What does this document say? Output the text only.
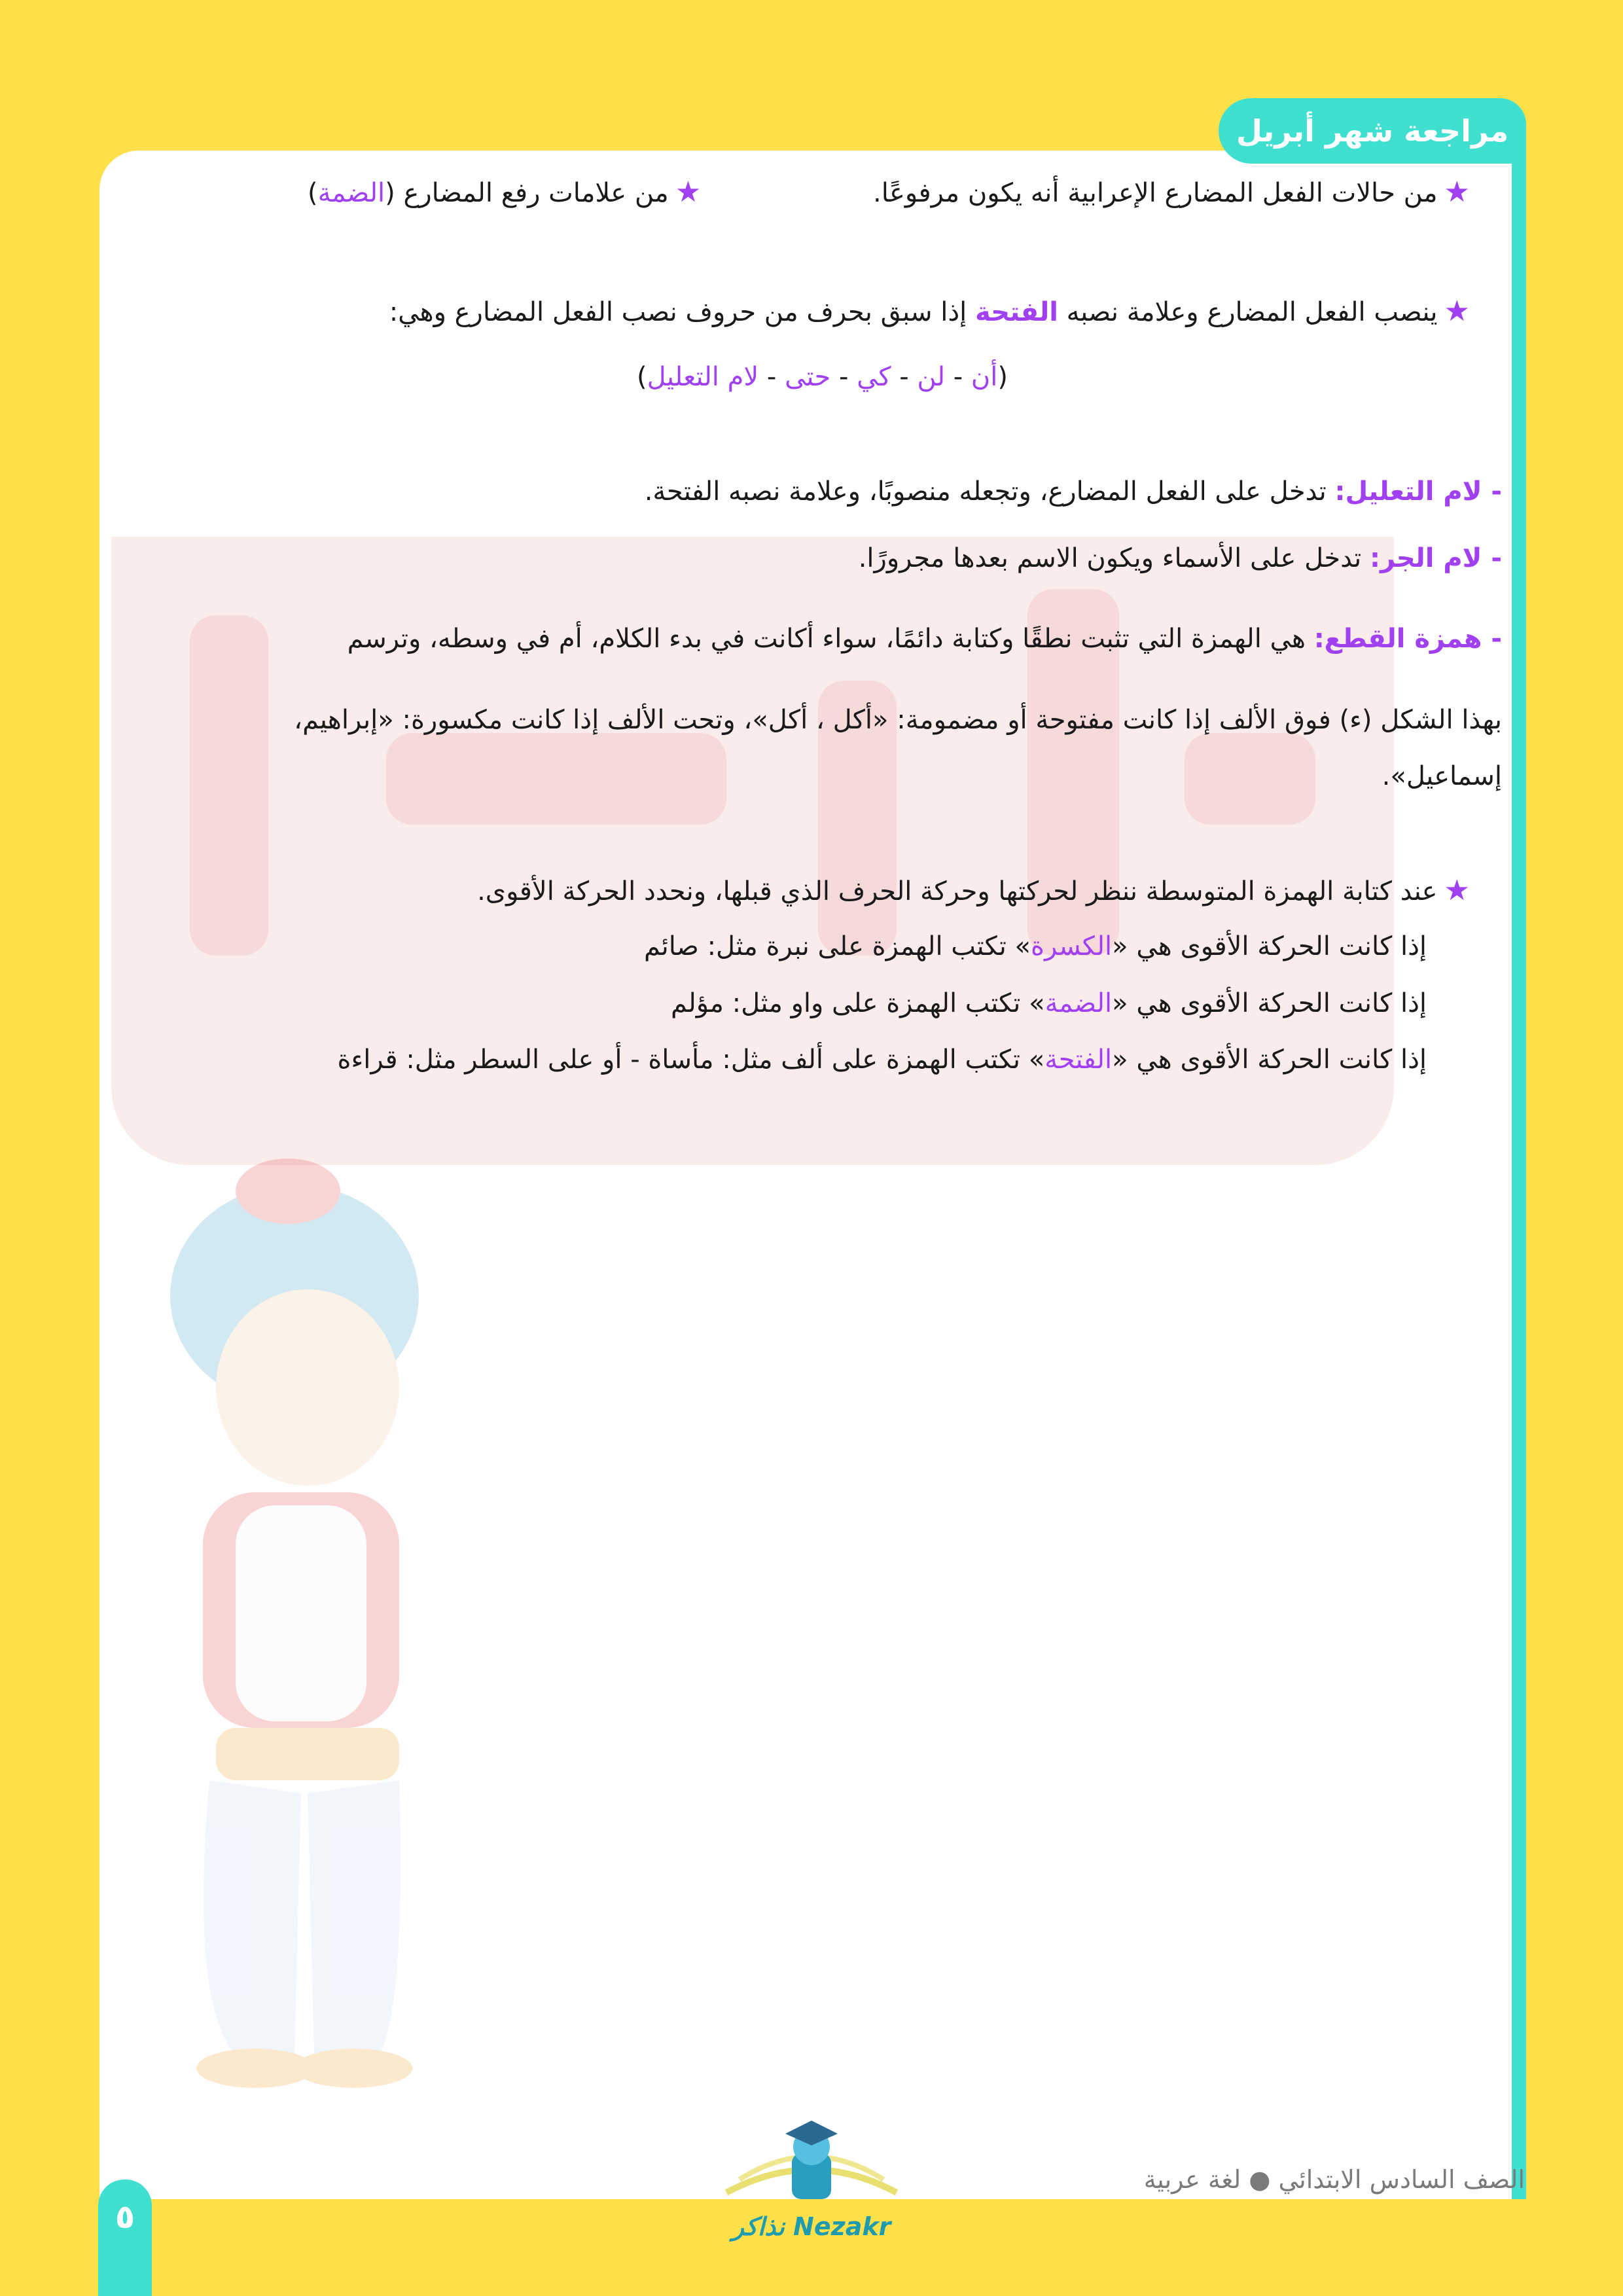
مراجعة شهر أبريل
★من حالات الفعل المضارع الإعرابية أنه يكون مرفوعًا.
★من علامات رفع المضارع (الضمة)
★ينصب الفعل المضارع وعلامة نصبه الفتحة إذا سبق بحرف من حروف نصب الفعل المضارع وهي:
(أن - لن - كي - حتى - لام التعليل)
- لام التعليل: تدخل على الفعل المضارع، وتجعله منصوبًا، وعلامة نصبه الفتحة.
- لام الجر: تدخل على الأسماء ويكون الاسم بعدها مجرورًا.
- همزة القطع: هي الهمزة التي تثبت نطقًا وكتابة دائمًا، سواء أكانت في بدء الكلام، أم في وسطه، وترسم
بهذا الشكل (ء) فوق الألف إذا كانت مفتوحة أو مضمومة: «أكل ، أكل»، وتحت الألف إذا كانت مكسورة: «إبراهيم،
إسماعيل».
★عند كتابة الهمزة المتوسطة ننظر لحركتها وحركة الحرف الذي قبلها، ونحدد الحركة الأقوى.
إذا كانت الحركة الأقوى هي «الكسرة» تكتب الهمزة على نبرة مثل: صائم
إذا كانت الحركة الأقوى هي «الضمة» تكتب الهمزة على واو مثل: مؤلم
إذا كانت الحركة الأقوى هي «الفتحة» تكتب الهمزة على ألف مثل: مأساة - أو على السطر مثل: قراءة
الصف السادس الابتدائي ● لغة عربية
نذاكر Nezakr
٥
